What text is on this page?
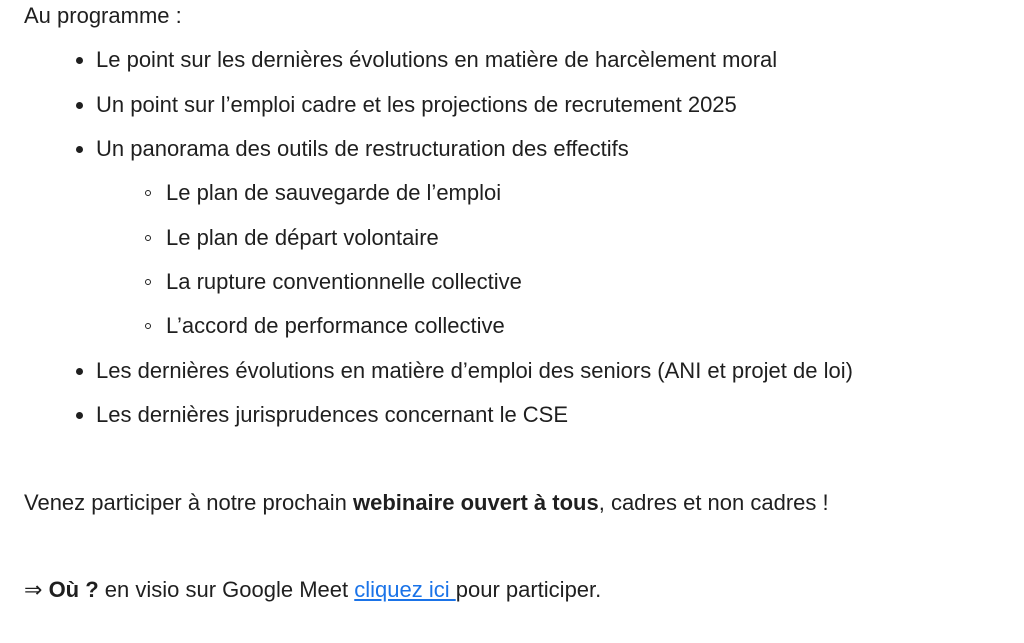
Au programme :
Le point sur les dernières évolutions en matière de harcèlement moral
Un point sur l’emploi cadre et les projections de recrutement 2025
Un panorama des outils de restructuration des effectifs
Le plan de sauvegarde de l’emploi
Le plan de départ volontaire
La rupture conventionnelle collective
L’accord de performance collective
Les dernières évolutions en matière d’emploi des seniors (ANI et projet de loi)
Les dernières jurisprudences concernant le CSE
Venez participer à notre prochain webinaire ouvert à tous, cadres et non cadres !
⇒ Où ? en visio sur Google Meet cliquez ici pour participer.
